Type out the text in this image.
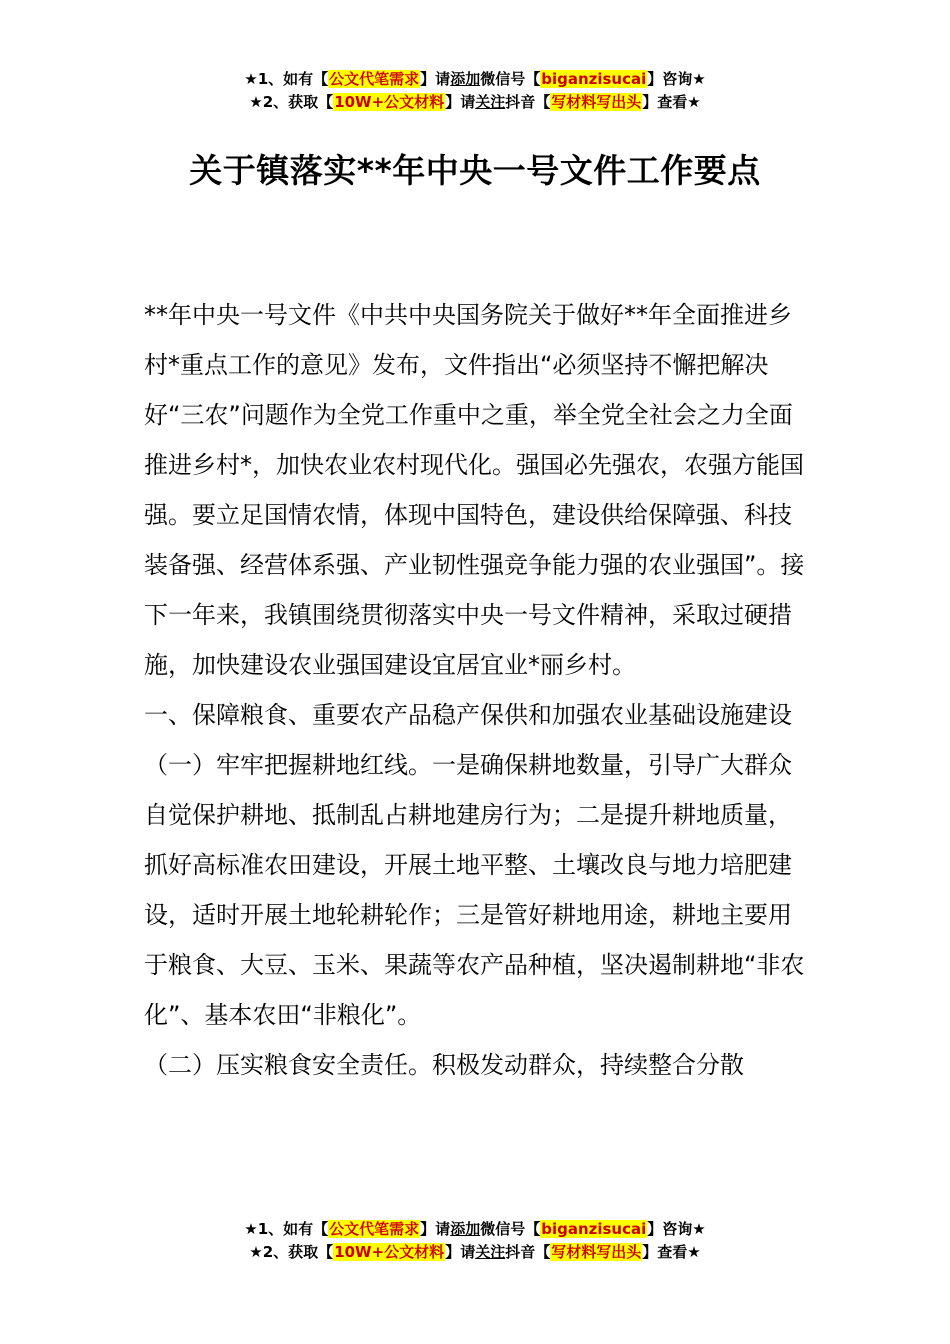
★1、如有【公文代笔需求】请添加微信号【biganzisucai】咨询★
★2、获取【10W+公文材料】请关注抖音【写材料写出头】查看★
关于镇落实**年中央一号文件工作要点

**年中央一号文件《中共中央国务院关于做好**年全面推进乡村*重点工作的意见》发布，文件指出“必须坚持不懈把解决好“三农”问题作为全党工作重中之重，举全党全社会之力全面推进乡村*，加快农业农村现代化。强国必先强农，农强方能国强。要立足国情农情，体现中国特色，建设供给保障强、科技装备强、经营体系强、产业韧性强竞争能力强的农业强国”。接下一年来，我镇围绕贯彻落实中央一号文件精神，采取过硬措施，加快建设农业强国建设宜居宜业*丽乡村。

一、保障粮食、重要农产品稳产保供和加强农业基础设施建设

（一）牢牢把握耕地红线。一是确保耕地数量，引导广大群众自觉保护耕地、抵制乱占耕地建房行为；二是提升耕地质量，抓好高标准农田建设，开展土地平整、土壤改良与地力培肥建设，适时开展土地轮耕轮作；三是管好耕地用途，耕地主要用于粮食、大豆、玉米、果蔬等农产品种植，坚决遏制耕地“非农化”、基本农田“非粮化”。

（二）压实粮食安全责任。积极发动群众，持续整合分散

★1、如有【公文代笔需求】请添加微信号【biganzisucai】咨询★
★2、获取【10W+公文材料】请关注抖音【写材料写出头】查看★
